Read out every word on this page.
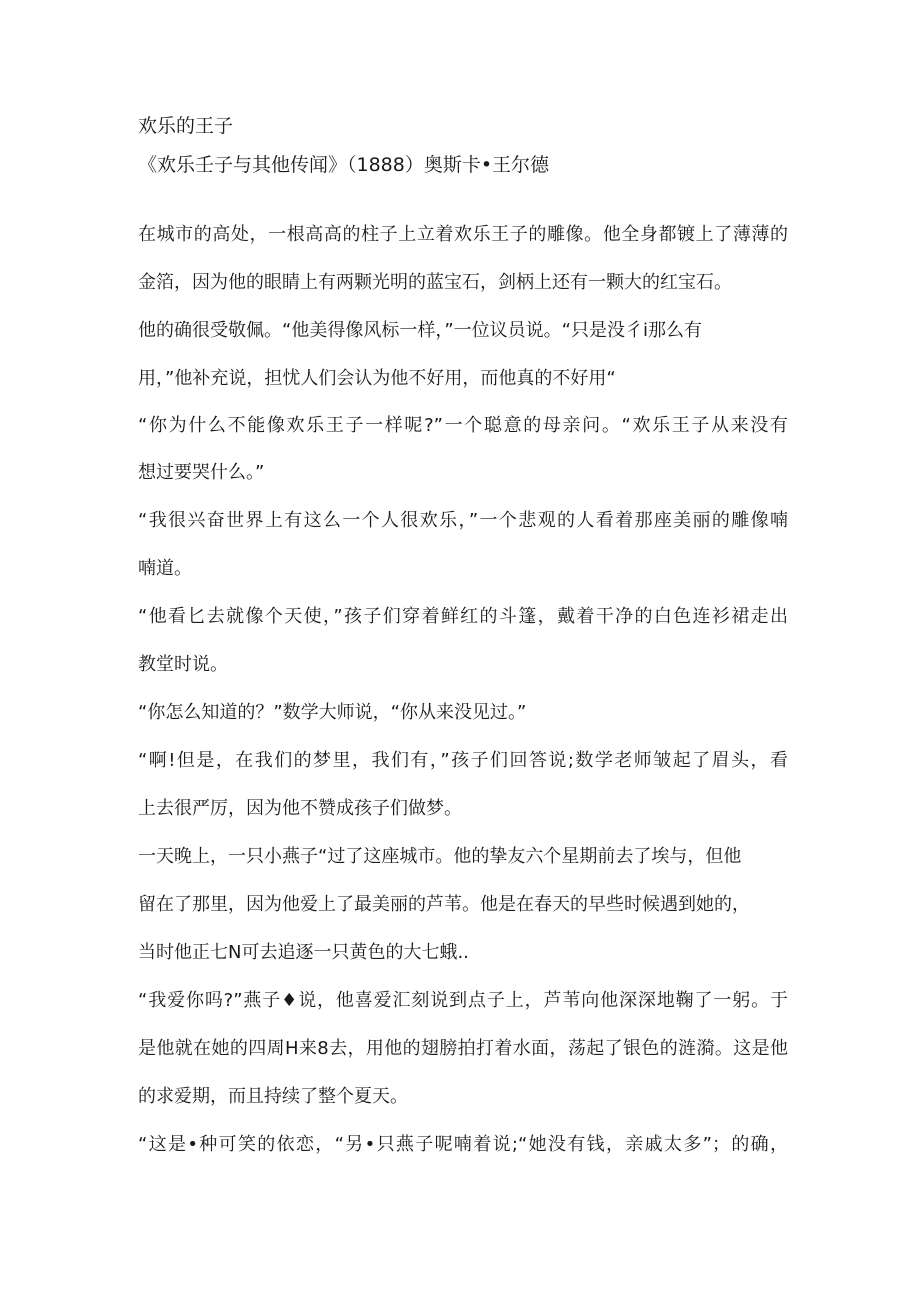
欢乐的王子
《欢乐壬子与其他传闻》（1888）奥斯卡•王尔德
在城市的高处，一根高高的柱子上立着欢乐王子的雕像。他全身都镀上了薄薄的
金箔，因为他的眼睛上有两颗光明的蓝宝石，剑柄上还有一颗大的红宝石。
他的确很受敬佩。“他美得像风标一样，”一位议员说。“只是没彳i那么有
用，”他补充说，担忧人们会认为他不好用，而他真的不好用“
“你为什么不能像欢乐王子一样呢?”一个聪意的母亲问。“欢乐王子从来没有
想过要哭什么。”
“我很兴奋世界上有这么一个人很欢乐，”一个悲观的人看着那座美丽的雕像喃
喃道。
“他看匕去就像个天使，”孩子们穿着鲜红的斗篷，戴着干净的白色连衫裙走出
教堂时说。
“你怎么知道的？”数学大师说，“你从来没见过。”
“啊!但是，在我们的梦里，我们有，”孩子们回答说;数学老师皱起了眉头，看
上去很严厉，因为他不赞成孩子们做梦。
一天晚上，一只小燕子“过了这座城市。他的挚友六个星期前去了埃与，但他
留在了那里，因为他爱上了最美丽的芦苇。他是在春天的早些时候遇到她的，
当时他正七N可去追逐一只黄色的大七蛾..
“我爱你吗?”燕子♦说，他喜爱汇刻说到点子上，芦苇向他深深地鞠了一躬。于
是他就在她的四周H来8去，用他的翅膀拍打着水面，荡起了银色的涟漪。这是他
的求爱期，而且持续了整个夏天。
“这是•种可笑的依恋，“另•只燕子呢喃着说;“她没有钱，亲戚太多”；的确，
